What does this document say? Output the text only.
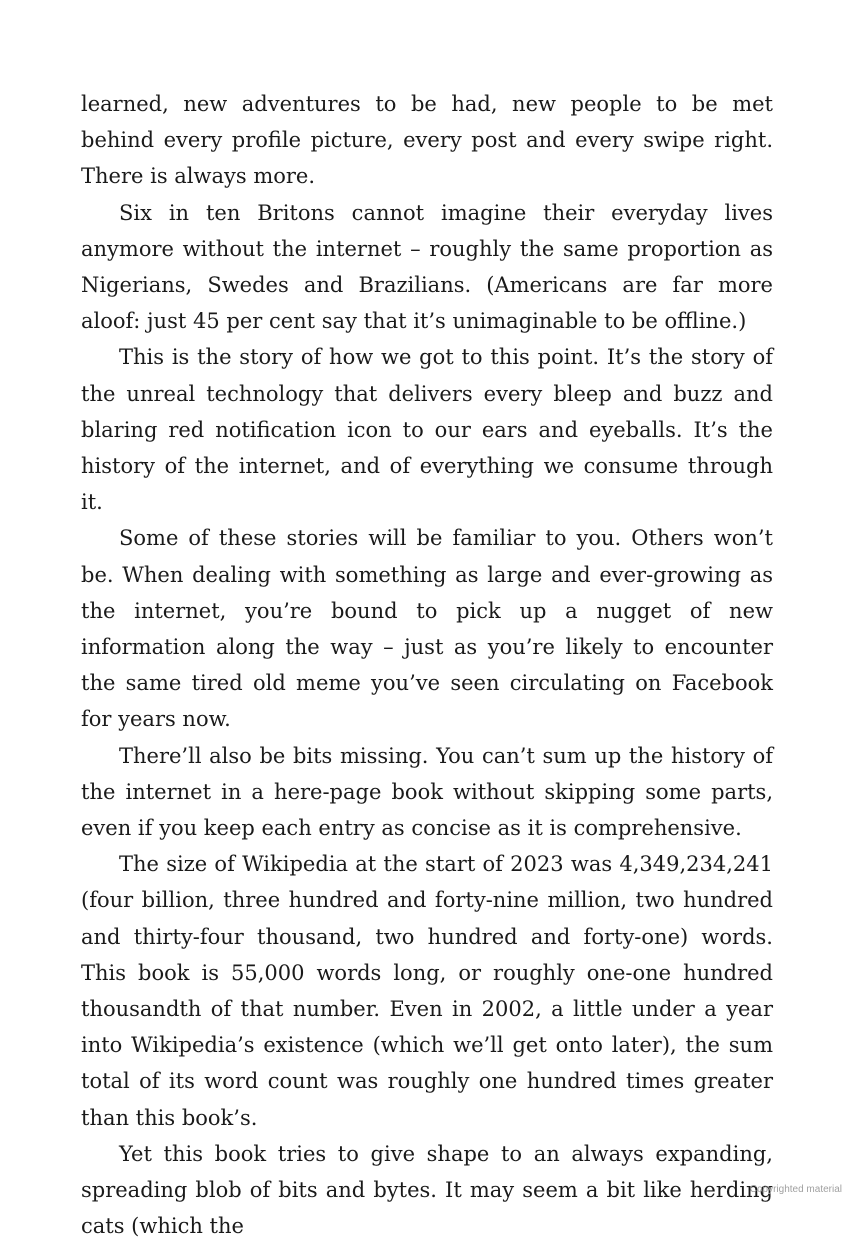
learned, new adventures to be had, new people to be met behind every profile picture, every post and every swipe right. There is always more.

Six in ten Britons cannot imagine their everyday lives anymore without the internet – roughly the same proportion as Nigerians, Swedes and Brazilians. (Americans are far more aloof: just 45 per cent say that it’s unimaginable to be offline.)

This is the story of how we got to this point. It’s the story of the unreal technology that delivers every bleep and buzz and blaring red notification icon to our ears and eyeballs. It’s the history of the internet, and of everything we consume through it.

Some of these stories will be familiar to you. Others won’t be. When dealing with something as large and ever-growing as the internet, you’re bound to pick up a nugget of new information along the way – just as you’re likely to encounter the same tired old meme you’ve seen circulating on Facebook for years now.

There’ll also be bits missing. You can’t sum up the history of the internet in a here-page book without skipping some parts, even if you keep each entry as concise as it is comprehensive.

The size of Wikipedia at the start of 2023 was 4,349,234,241 (four billion, three hundred and forty-nine million, two hundred and thirty-four thousand, two hundred and forty-one) words. This book is 55,000 words long, or roughly one-one hundred thousandth of that number. Even in 2002, a little under a year into Wikipedia’s existence (which we’ll get onto later), the sum total of its word count was roughly one hundred times greater than this book’s.

Yet this book tries to give shape to an always expanding, spreading blob of bits and bytes. It may seem a bit like herding cats (which the

Copyrighted material
